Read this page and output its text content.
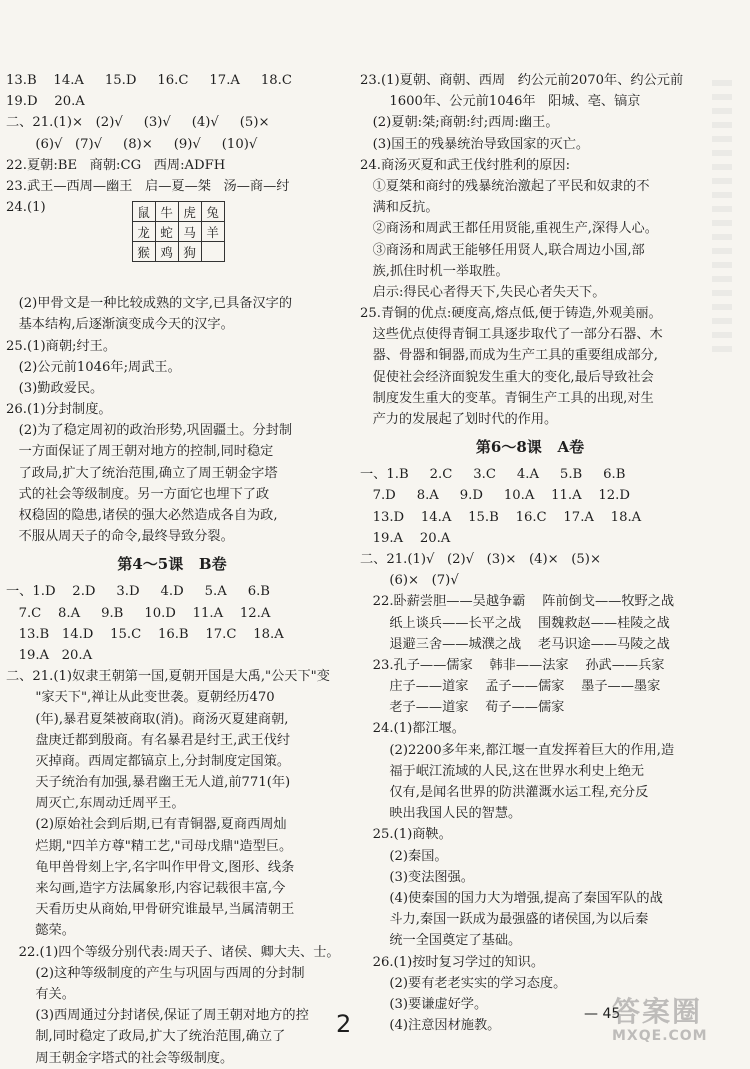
13.B    14.A     15.D     16.C     17.A     18.C
19.D    20.A
二、21.(1)×   (2)√     (3)√     (4)√     (5)×
(6)√   (7)√     (8)×     (9)√     (10)√
22.夏朝:BE   商朝:CG   西周:ADFH
23.武王—西周—幽王   启—夏—桀   汤—商—纣
24.(1)	鼠	牛	虎	兔
龙	蛇	马	羊
猴	鸡	狗	
(2)甲骨文是一种比较成熟的文字,已具备汉字的
基本结构,后逐渐演变成今天的汉字。
25.(1)商朝;纣王。
(2)公元前1046年;周武王。
(3)勤政爱民。
26.(1)分封制度。
(2)为了稳定周初的政治形势,巩固疆土。分封制
一方面保证了周王朝对地方的控制,同时稳定
了政局,扩大了统治范围,确立了周王朝金字塔
式的社会等级制度。另一方面它也埋下了政
权稳固的隐患,诸侯的强大必然造成各自为政,
不服从周天子的命令,最终导致分裂。
第4～5课   B卷
一、1.D    2.D     3.D     4.D     5.A     6.B
7.C    8.A     9.B     10.D    11.A    12.A
13.B   14.D    15.C    16.B    17.C    18.A
19.A   20.A
二、21.(1)奴隶王朝第一国,夏朝开国是大禹,"公天下"变
"家天下",禅让从此变世袭。夏朝经历470
(年),暴君夏桀被商取(消)。商汤灭夏建商朝,
盘庚迁都到殷商。有名暴君是纣王,武王伐纣
灭掉商。西周定都镐京上,分封制度定国策。
天子统治有加强,暴君幽王无人道,前771(年)
周灭亡,东周动迁周平王。
(2)原始社会到后期,已有青铜器,夏商西周灿
烂期,"四羊方尊"精工艺,"司母戊鼎"造型巨。
龟甲兽骨刻上字,名字叫作甲骨文,图形、线条
来勾画,造字方法属象形,内容记载很丰富,今
天看历史从商始,甲骨研究谁最早,当属清朝王
懿荣。
22.(1)四个等级分别代表:周天子、诸侯、卿大夫、士。
(2)这种等级制度的产生与巩固与西周的分封制
有关。
(3)西周通过分封诸侯,保证了周王朝对地方的控
制,同时稳定了政局,扩大了统治范围,确立了
周王朝金字塔式的社会等级制度。
23.(1)夏朝、商朝、西周   约公元前2070年、约公元前
1600年、公元前1046年   阳城、亳、镐京
(2)夏朝:桀;商朝:纣;西周:幽王。
(3)国王的残暴统治导致国家的灭亡。
24.商汤灭夏和武王伐纣胜利的原因:
①夏桀和商纣的残暴统治激起了平民和奴隶的不
满和反抗。
②商汤和周武王都任用贤能,重视生产,深得人心。
③商汤和周武王能够任用贤人,联合周边小国,部
族,抓住时机一举取胜。
启示:得民心者得天下,失民心者失天下。
25.青铜的优点:硬度高,熔点低,便于铸造,外观美丽。
这些优点使得青铜工具逐步取代了一部分石器、木
器、骨器和铜器,而成为生产工具的重要组成部分,
促使社会经济面貌发生重大的变化,最后导致社会
制度发生重大的变革。青铜生产工具的出现,对生
产力的发展起了划时代的作用。
第6～8课   A卷
一、1.B     2.C     3.C     4.A     5.B     6.B
7.D     8.A     9.D     10.A    11.A    12.D
13.D    14.A    15.B    16.C    17.A    18.A
19.A    20.A
二、21.(1)√   (2)√   (3)×   (4)×   (5)×
(6)×   (7)√
22.卧薪尝胆——吴越争霸    阵前倒戈——牧野之战
纸上谈兵——长平之战    围魏救赵——桂陵之战
退避三舍——城濮之战    老马识途——马陵之战
23.孔子——儒家    韩非——法家    孙武——兵家
庄子——道家    孟子——儒家    墨子——墨家
老子——道家    荀子——儒家
24.(1)都江堰。
(2)2200多年来,都江堰一直发挥着巨大的作用,造
福于岷江流域的人民,这在世界水利史上绝无
仅有,是闻名世界的防洪灌溉水运工程,充分反
映出我国人民的智慧。
25.(1)商鞅。
(2)秦国。
(3)变法图强。
(4)使秦国的国力大为增强,提高了秦国军队的战
斗力,秦国一跃成为最强盛的诸侯国,为以后秦
统一全国奠定了基础。
26.(1)按时复习学过的知识。
(2)要有老老实实的学习态度。
(3)要谦虚好学。
(4)注意因材施教。
2	— 45
答案圈
MXQE.COM
